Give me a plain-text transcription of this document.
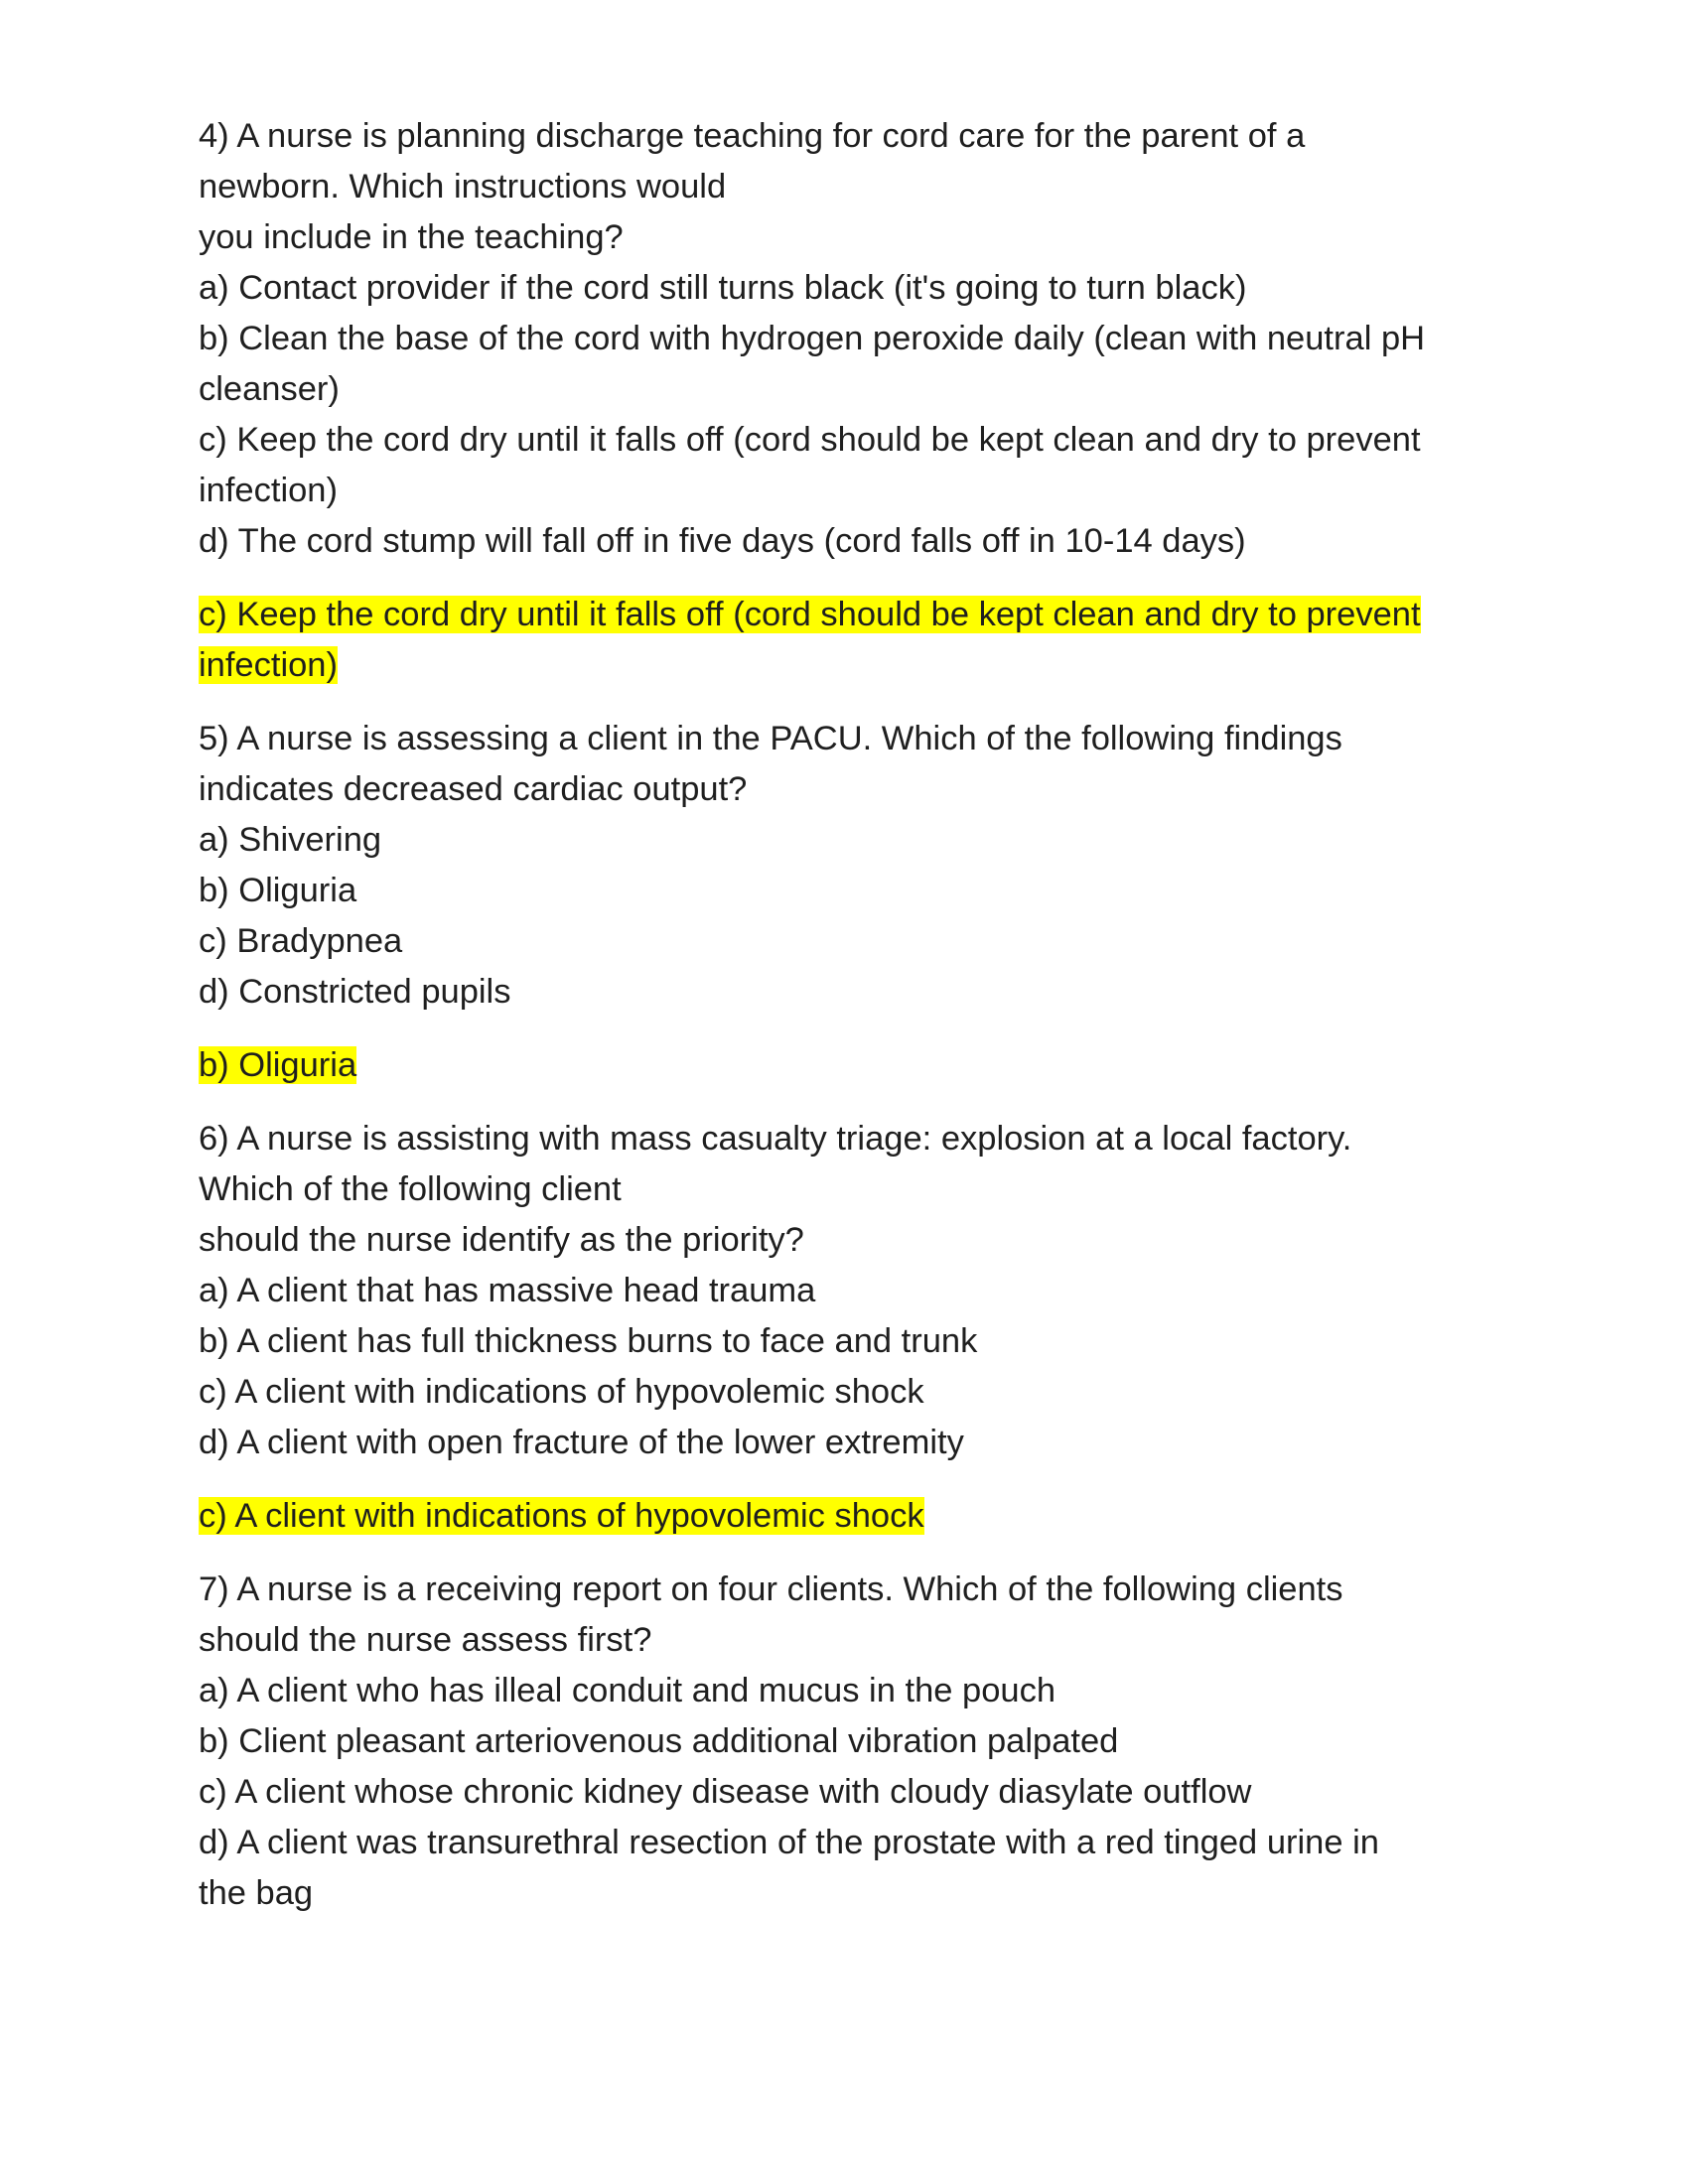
4) A nurse is planning discharge teaching for cord care for the parent of a
newborn. Which instructions would
you include in the teaching?
a) Contact provider if the cord still turns black (it's going to turn black)
b) Clean the base of the cord with hydrogen peroxide daily (clean with neutral pH
cleanser)
c) Keep the cord dry until it falls off (cord should be kept clean and dry to prevent
infection)
d) The cord stump will fall off in five days (cord falls off in 10-14 days)
c) Keep the cord dry until it falls off (cord should be kept clean and dry to prevent
infection)
5) A nurse is assessing a client in the PACU. Which of the following findings
indicates decreased cardiac output?
a) Shivering
b) Oliguria
c) Bradypnea
d) Constricted pupils
b) Oliguria
6) A nurse is assisting with mass casualty triage: explosion at a local factory.
Which of the following client
should the nurse identify as the priority?
a) A client that has massive head trauma
b) A client has full thickness burns to face and trunk
c) A client with indications of hypovolemic shock
d) A client with open fracture of the lower extremity
c) A client with indications of hypovolemic shock
7) A nurse is a receiving report on four clients. Which of the following clients
should the nurse assess first?
a) A client who has illeal conduit and mucus in the pouch
b) Client pleasant arteriovenous additional vibration palpated
c) A client whose chronic kidney disease with cloudy diasylate outflow
d) A client was transurethral resection of the prostate with a red tinged urine in
the bag
